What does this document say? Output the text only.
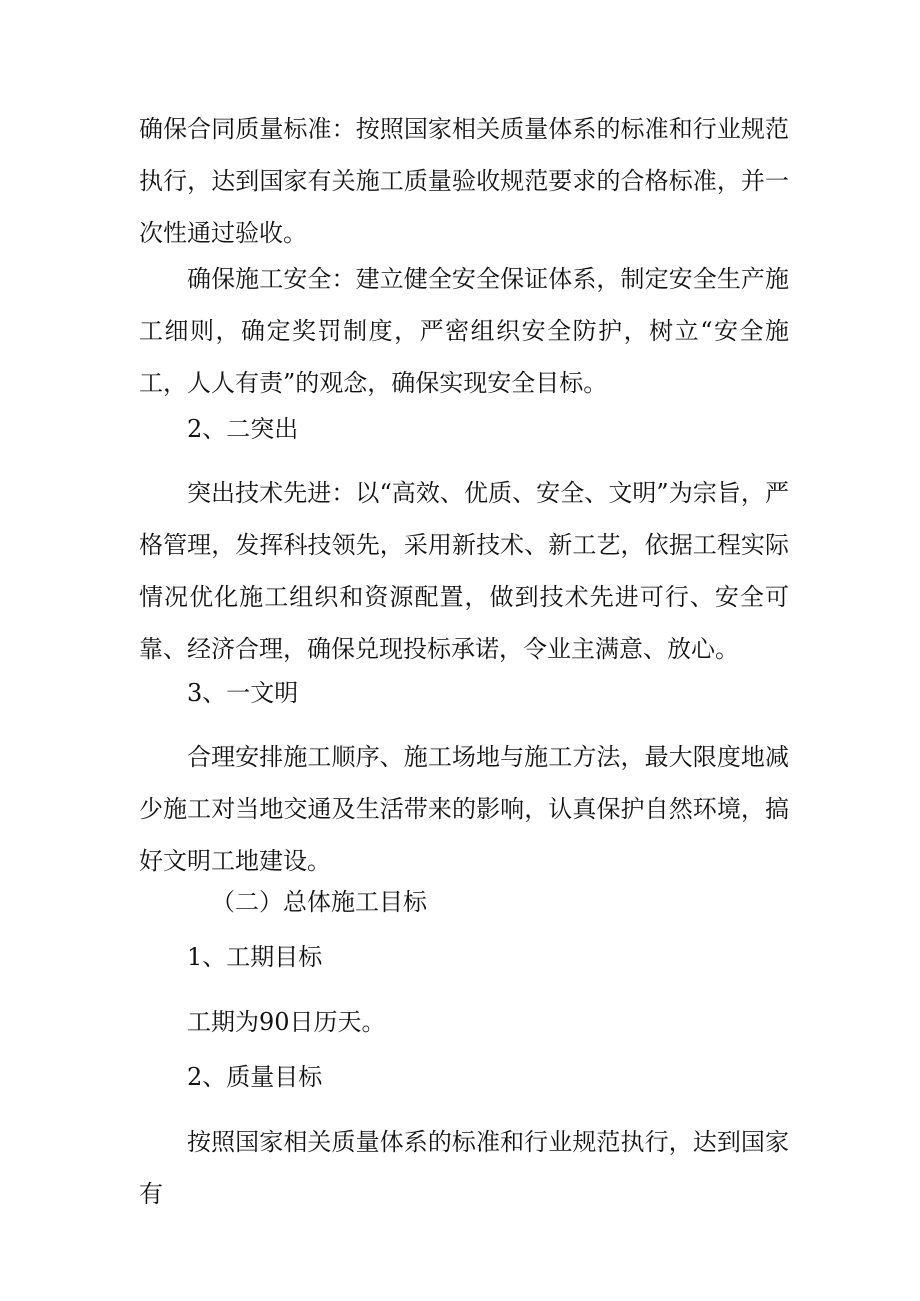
确保合同质量标准：按照国家相关质量体系的标准和行业规范执行，达到国家有关施工质量验收规范要求的合格标准，并一次性通过验收。

确保施工安全：建立健全安全保证体系，制定安全生产施工细则，确定奖罚制度，严密组织安全防护，树立“安全施工，人人有责”的观念，确保实现安全目标。

2、二突出

突出技术先进：以“高效、优质、安全、文明”为宗旨，严格管理，发挥科技领先，采用新技术、新工艺，依据工程实际情况优化施工组织和资源配置，做到技术先进可行、安全可靠、经济合理，确保兑现投标承诺，令业主满意、放心。

3、一文明

合理安排施工顺序、施工场地与施工方法，最大限度地减少施工对当地交通及生活带来的影响，认真保护自然环境，搞好文明工地建设。

（二）总体施工目标

1、工期目标

工期为90日历天。

2、质量目标

按照国家相关质量体系的标准和行业规范执行，达到国家有
